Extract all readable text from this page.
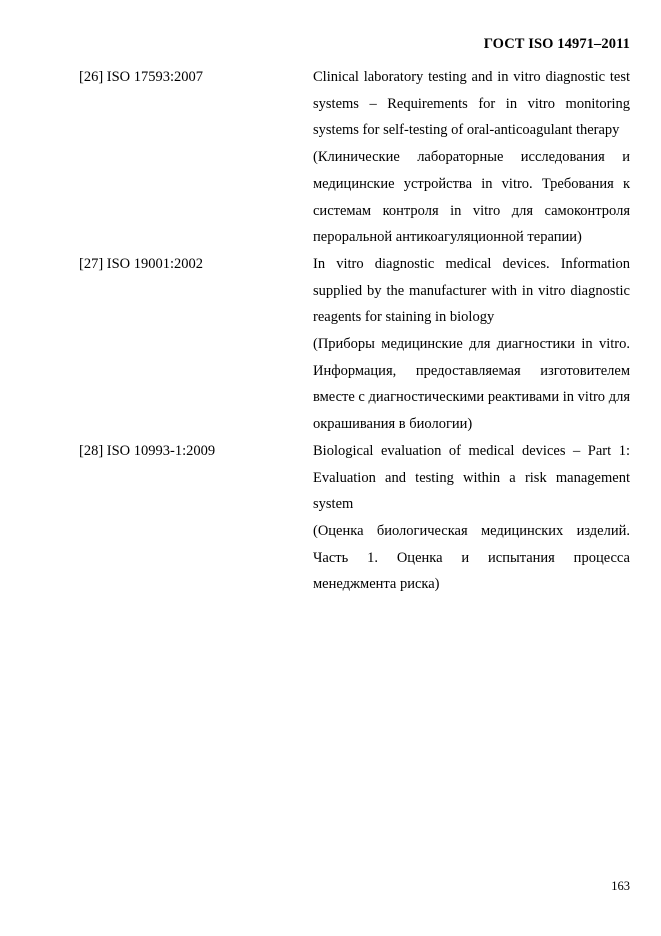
ГОСТ ISO 14971–2011
[26] ISO 17593:2007	Clinical laboratory testing and in vitro diagnostic test systems – Requirements for in vitro monitoring systems for self-testing of oral-anticoagulant therapy

(Клинические лабораторные исследования и медицинские устройства in vitro. Требования к системам контроля in vitro для самоконтроля пероральной антикоагуляционной терапии)

[27] ISO 19001:2002	In vitro diagnostic medical devices. Information supplied by the manufacturer with in vitro diagnostic reagents for staining in biology

(Приборы медицинские для диагностики in vitro. Информация, предоставляемая изготовителем вместе с диагностическими реактивами in vitro для окрашивания в биологии)

[28] ISO 10993-1:2009	Biological evaluation of medical devices – Part 1: Evaluation and testing within a risk management system

(Оценка биологическая медицинских изделий. Часть 1. Оценка и испытания процесса менеджмента риска)

163
